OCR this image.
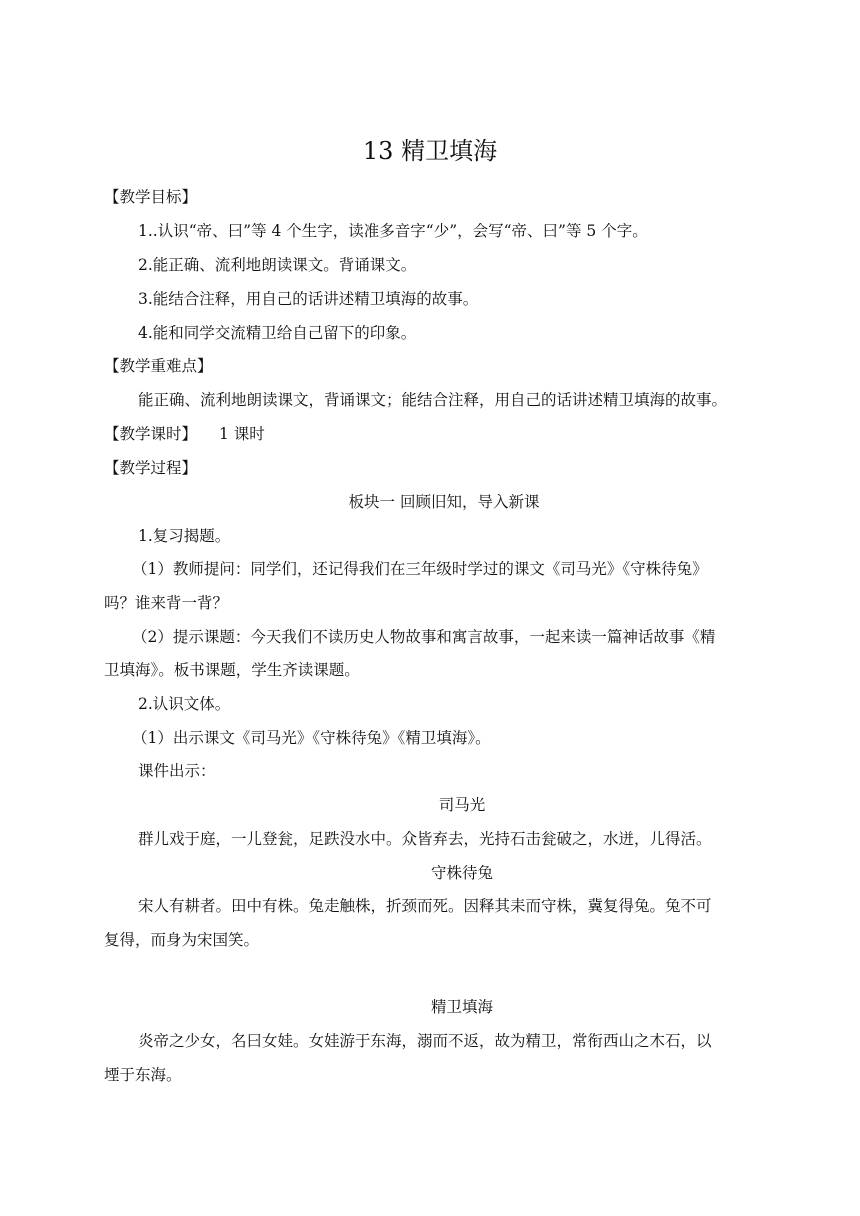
13 精卫填海
【教学目标】
1..认识“帝、曰”等 4 个生字，读准多音字“少”，会写“帝、曰”等 5 个字。
2.能正确、流利地朗读课文。背诵课文。
3.能结合注释，用自己的话讲述精卫填海的故事。
4.能和同学交流精卫给自己留下的印象。
【教学重难点】
能正确、流利地朗读课文，背诵课文；能结合注释，用自己的话讲述精卫填海的故事。
【教学课时】 1 课时
【教学过程】
板块一 回顾旧知，导入新课
1.复习揭题。
（1）教师提问：同学们，还记得我们在三年级时学过的课文《司马光》《守株待兔》
吗？谁来背一背？
（2）提示课题：今天我们不读历史人物故事和寓言故事，一起来读一篇神话故事《精
卫填海》。板书课题，学生齐读课题。
2.认识文体。
（1）出示课文《司马光》《守株待兔》《精卫填海》。
课件出示：
司马光
群儿戏于庭，一儿登瓮，足跌没水中。众皆弃去，光持石击瓮破之，水迸，儿得活。
守株待兔
宋人有耕者。田中有株。兔走触株，折颈而死。因释其耒而守株，冀复得兔。兔不可
复得，而身为宋国笑。
精卫填海
炎帝之少女，名曰女娃。女娃游于东海，溺而不返，故为精卫，常衔西山之木石，以
堙于东海。
